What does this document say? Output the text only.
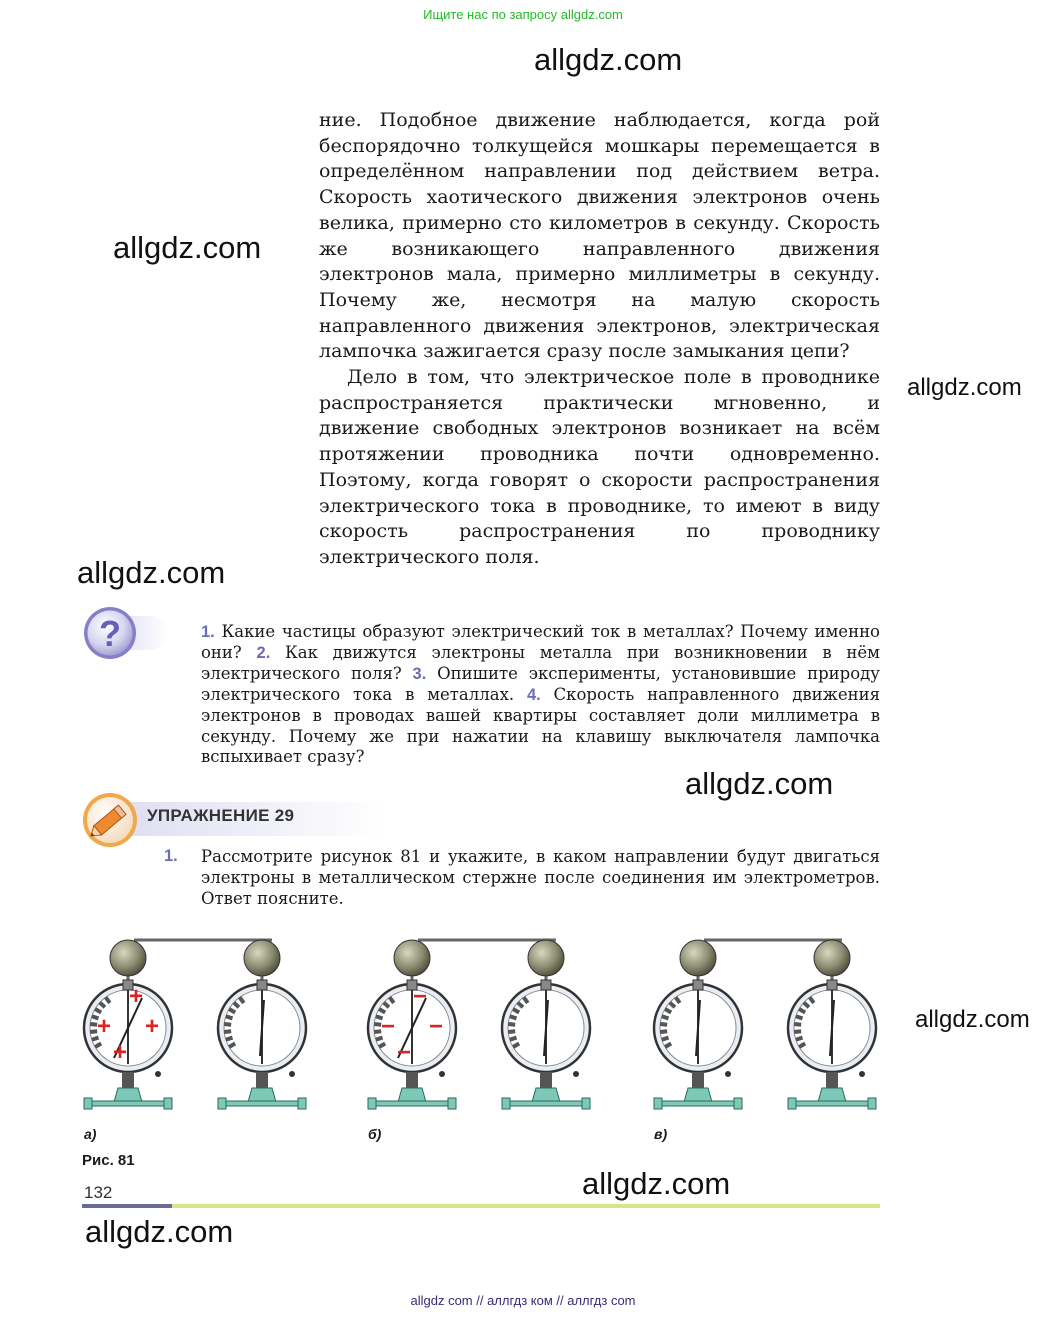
Ищите нас по запросу allgdz.com
allgdz.com
allgdz.com
allgdz.com
allgdz.com
allgdz.com
allgdz.com
allgdz.com
allgdz.com

ние. Подобное движение наблюдается, когда рой беспорядочно толкущейся мошкары перемещается в определённом направлении под действием ветра. Скорость хаотического движения электронов очень велика, примерно сто километров в секунду. Скорость же возникающего направленного движения электронов мала, примерно миллиметры в секунду. Почему же, несмотря на малую скорость направленного движения электронов, электрическая лампочка зажигается сразу после замыкания цепи?

Дело в том, что электрическое поле в проводнике распространяется практически мгновенно, и движение свободных электронов возникает на всём протяжении проводника почти одновременно. Поэтому, когда говорят о скорости распространения электрического тока в проводнике, то имеют в виду скорость распространения по проводнику электрического поля.

?	1. Какие частицы образуют электрический ток в металлах? Почему именно они? 2. Как движутся электроны металла при возникновении в нём электрического поля? 3. Опишите эксперименты, установившие природу электрического тока в металлах. 4. Скорость направленного движения электронов в проводах вашей квартиры составляет доли миллиметра в секунду. Почему же при нажатии на клавишу выключателя лампочка вспыхивает сразу?
УПРАЖНЕНИЕ 29
1. Рассмотрите рисунок 81 и укажите, в каком направлении будут двигаться электроны в металлическом стержне после соединения им электрометров. Ответ поясните.
+
+ +
+
−
− −
−
а)	б)	в)
Рис. 81
132
allgdz com // аллгдз ком // аллгдз com
